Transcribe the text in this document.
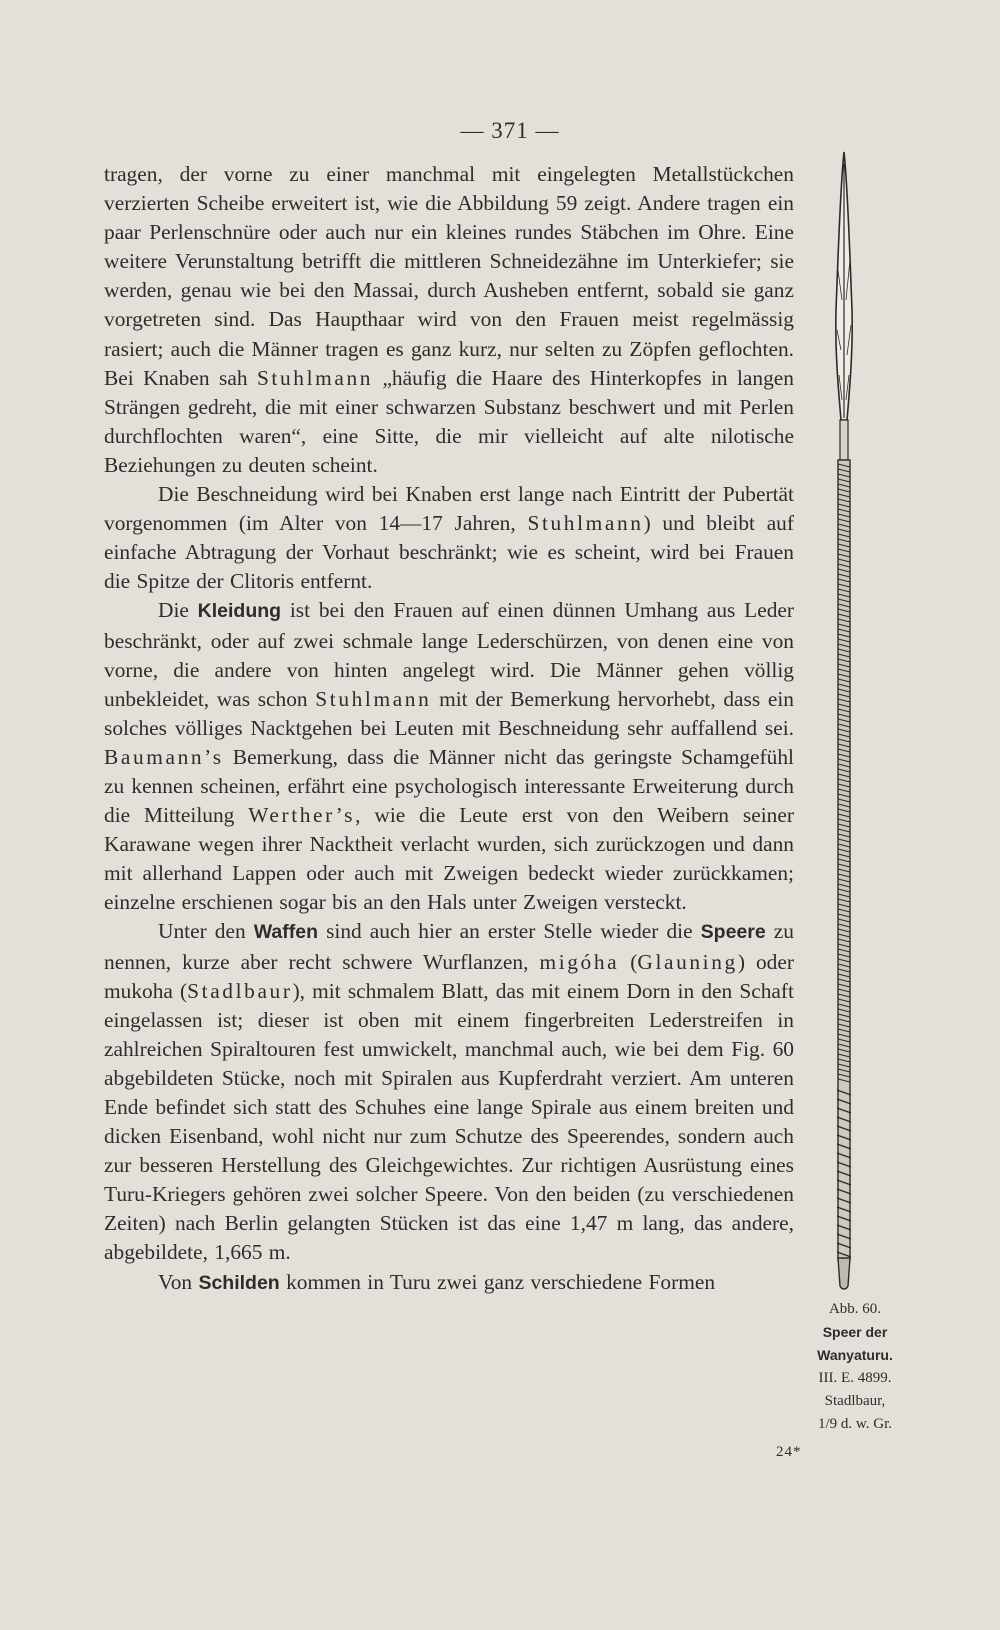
— 371 —

tragen, der vorne zu einer manchmal mit eingelegten Metallstückchen verzierten Scheibe erweitert ist, wie die Abbildung 59 zeigt. Andere tragen ein paar Perlenschnüre oder auch nur ein kleines rundes Stäbchen im Ohre. Eine weitere Verunstaltung betrifft die mittleren Schneidezähne im Unterkiefer; sie werden, genau wie bei den Massai, durch Ausheben entfernt, sobald sie ganz vorgetreten sind. Das Haupthaar wird von den Frauen meist regelmässig rasiert; auch die Männer tragen es ganz kurz, nur selten zu Zöpfen geflochten. Bei Knaben sah Stuhlmann „häufig die Haare des Hinterkopfes in langen Strängen gedreht, die mit einer schwarzen Substanz beschwert und mit Perlen durchflochten waren“, eine Sitte, die mir vielleicht auf alte nilotische Beziehungen zu deuten scheint.

Die Beschneidung wird bei Knaben erst lange nach Eintritt der Pubertät vorgenommen (im Alter von 14—17 Jahren, Stuhlmann) und bleibt auf einfache Abtragung der Vorhaut beschränkt; wie es scheint, wird bei Frauen die Spitze der Clitoris entfernt.

Die Kleidung ist bei den Frauen auf einen dünnen Umhang aus Leder beschränkt, oder auf zwei schmale lange Lederschürzen, von denen eine von vorne, die andere von hinten angelegt wird. Die Männer gehen völlig unbekleidet, was schon Stuhlmann mit der Bemerkung hervorhebt, dass ein solches völliges Nacktgehen bei Leuten mit Beschneidung sehr auffallend sei. Baumann’s Bemerkung, dass die Männer nicht das geringste Schamgefühl zu kennen scheinen, erfährt eine psychologisch interessante Erweiterung durch die Mitteilung Werther’s, wie die Leute erst von den Weibern seiner Karawane wegen ihrer Nacktheit verlacht wurden, sich zurückzogen und dann mit allerhand Lappen oder auch mit Zweigen bedeckt wieder zurückkamen; einzelne erschienen sogar bis an den Hals unter Zweigen versteckt.

Unter den Waffen sind auch hier an erster Stelle wieder die Speere zu nennen, kurze aber recht schwere Wurflanzen, migóha (Glauning) oder mukoha (Stadlbaur), mit schmalem Blatt, das mit einem Dorn in den Schaft eingelassen ist; dieser ist oben mit einem fingerbreiten Lederstreifen in zahlreichen Spiraltouren fest umwickelt, manchmal auch, wie bei dem Fig. 60 abgebildeten Stücke, noch mit Spiralen aus Kupferdraht verziert. Am unteren Ende befindet sich statt des Schuhes eine lange Spirale aus einem breiten und dicken Eisenband, wohl nicht nur zum Schutze des Speerendes, sondern auch zur besseren Herstellung des Gleichgewichtes. Zur richtigen Ausrüstung eines Turu-Kriegers gehören zwei solcher Speere. Von den beiden (zu verschiedenen Zeiten) nach Berlin gelangten Stücken ist das eine 1,47 m lang, das andere, abgebildete, 1,665 m.

Von Schilden kommen in Turu zwei ganz verschiedene Formen

Abb. 60.
Speer der
Wanyaturu.
III. E. 4899.
Stadlbaur,
1/9 d. w. Gr.
24*
